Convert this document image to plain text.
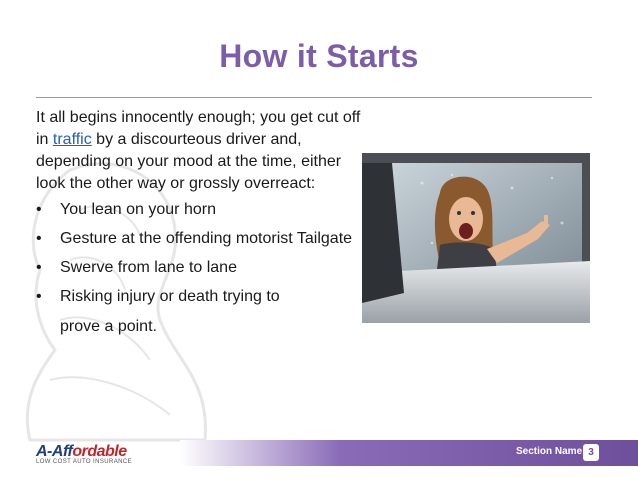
How it Starts

It all begins innocently enough; you get cut off in traffic by a discourteous driver and, depending on your mood at the time, either look the other way or grossly overreact:

• You lean on your horn
• Gesture at the offending motorist Tailgate
• Swerve from lane to lane
• Risking injury or death trying to
prove a point.
A-Affordable
LOW COST AUTO INSURANCE
Section Name 3
